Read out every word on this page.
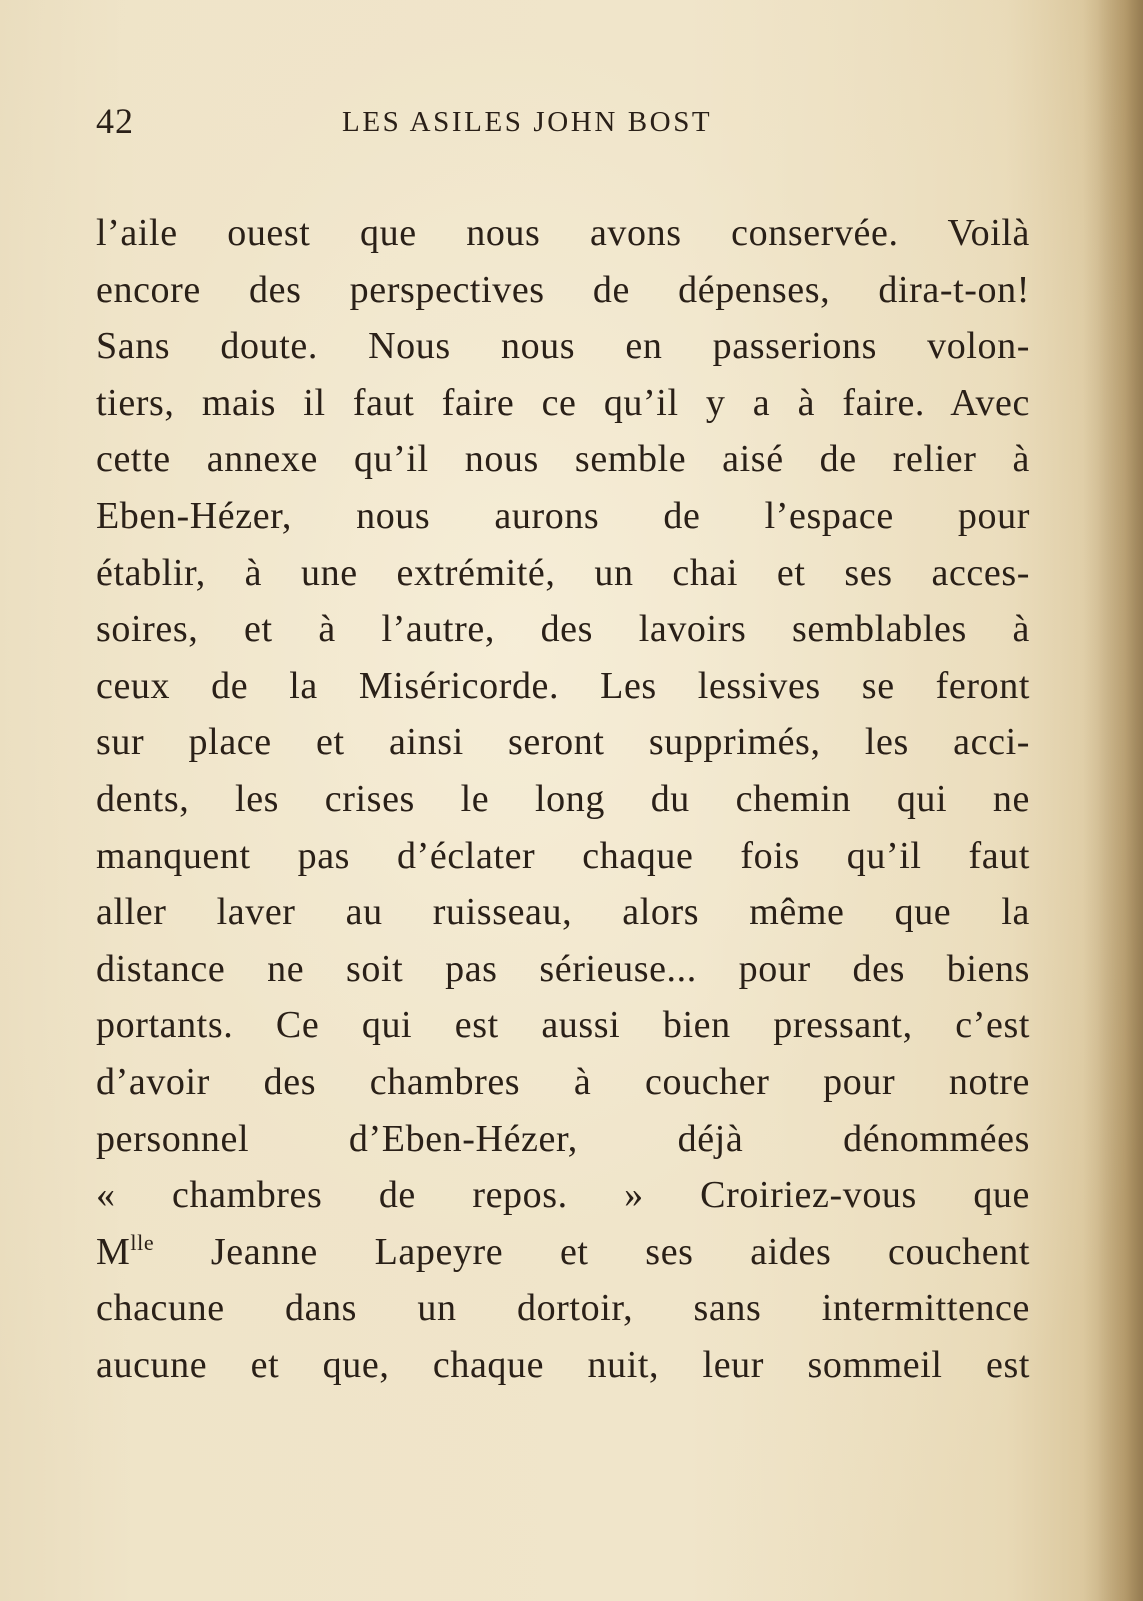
42	LES ASILES JOHN BOST
l’aile ouest que nous avons conservée. Voilà
encore des perspectives de dépenses, dira-t-on!
Sans doute. Nous nous en passerions volon-
tiers, mais il faut faire ce qu’il y a à faire. Avec
cette annexe qu’il nous semble aisé de relier à
Eben-Hézer, nous aurons de l’espace pour
établir, à une extrémité, un chai et ses acces-
soires, et à l’autre, des lavoirs semblables à
ceux de la Miséricorde. Les lessives se feront
sur place et ainsi seront supprimés, les acci-
dents, les crises le long du chemin qui ne
manquent pas d’éclater chaque fois qu’il faut
aller laver au ruisseau, alors même que la
distance ne soit pas sérieuse... pour des biens
portants. Ce qui est aussi bien pressant, c’est
d’avoir des chambres à coucher pour notre
personnel d’Eben-Hézer, déjà dénommées
« chambres de repos. » Croiriez-vous que
$M^{lle}$ Jeanne Lapeyre et ses aides couchent
chacune dans un dortoir, sans intermittence
aucune et que, chaque nuit, leur sommeil est
